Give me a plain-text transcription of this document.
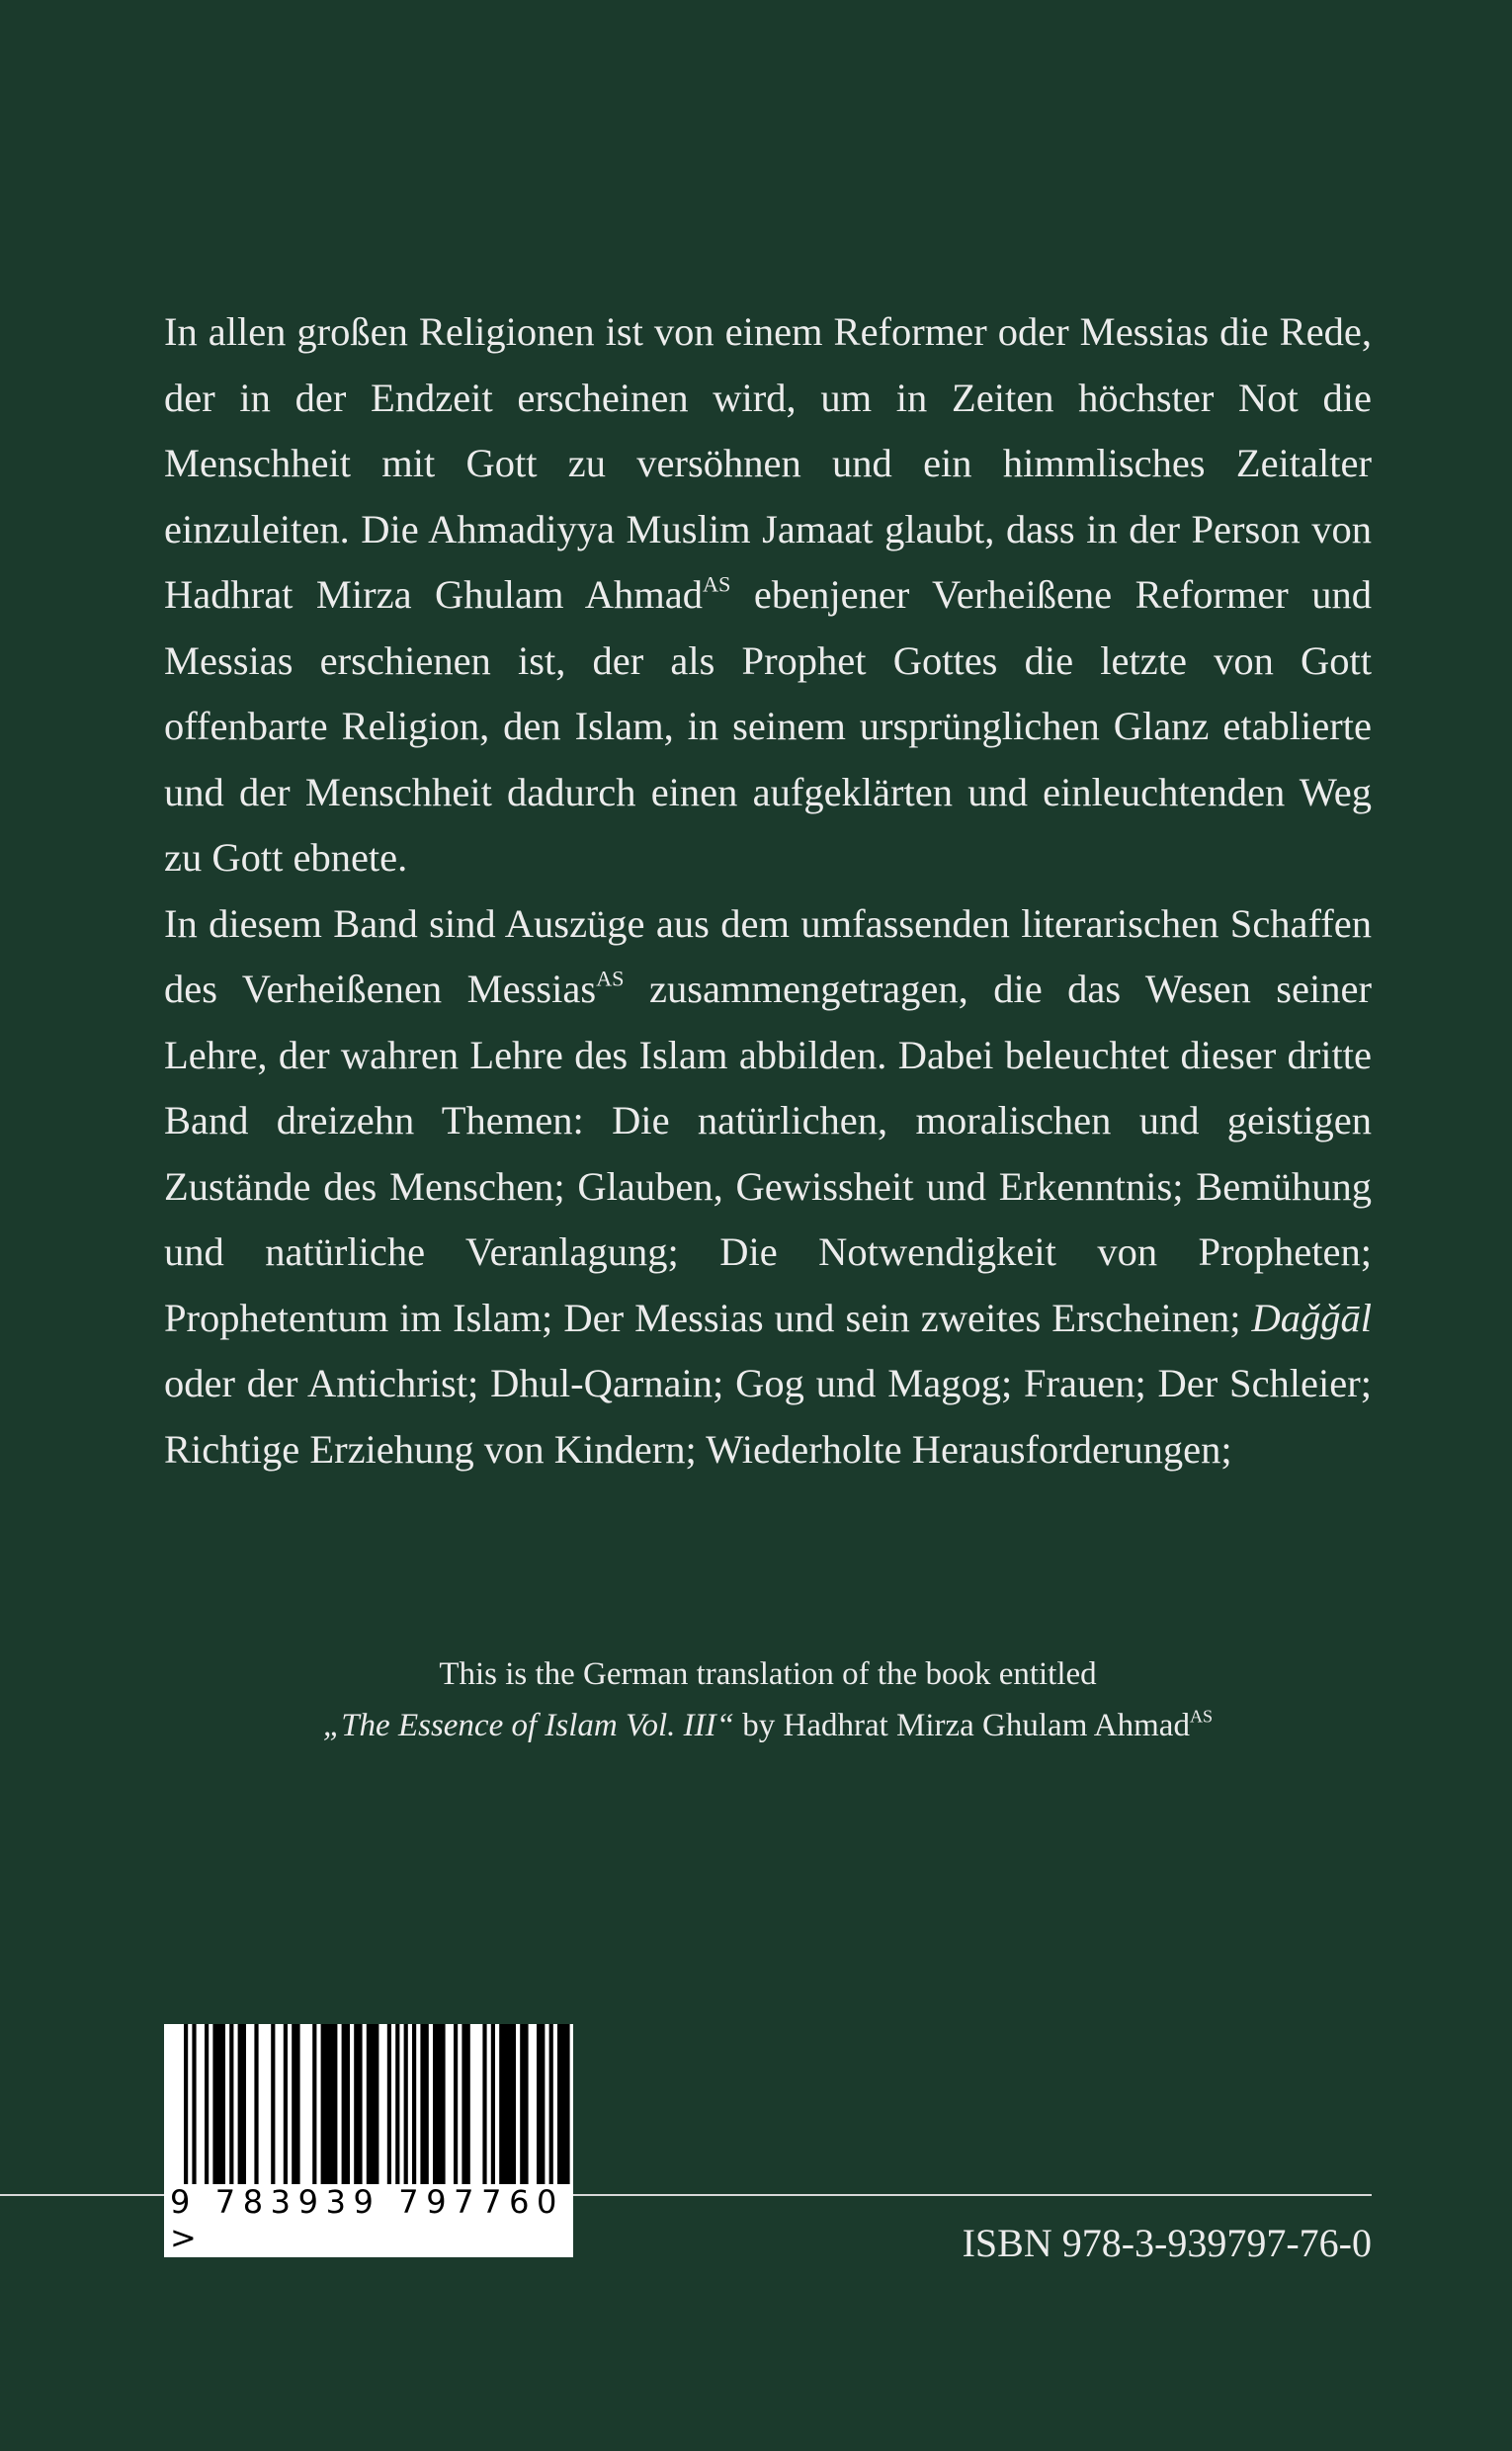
In allen großen Religionen ist von einem Reformer oder Messias die Rede, der in der Endzeit erscheinen wird, um in Zeiten höchster Not die Menschheit mit Gott zu versöhnen und ein himmlisches Zeitalter einzuleiten. Die Ahmadiyya Muslim Jamaat glaubt, dass in der Person von Hadhrat Mirza Ghulam Ahmad$^{AS}$ ebenjener Verheißene Reformer und Messias erschienen ist, der als Prophet Gottes die letzte von Gott offenbarte Religion, den Islam, in seinem ursprünglichen Glanz etablierte und der Menschheit dadurch einen aufgeklärten und einleuchtenden Weg zu Gott ebnete.

In diesem Band sind Auszüge aus dem umfassenden literarischen Schaffen des Verheißenen Messias$^{AS}$ zusammengetragen, die das Wesen seiner Lehre, der wahren Lehre des Islam abbilden. Dabei beleuchtet dieser dritte Band dreizehn Themen: Die natürlichen, moralischen und geistigen Zustände des Menschen; Glauben, Gewissheit und Erkenntnis; Bemühung und natürliche Veranlagung; Die Notwendigkeit von Propheten; Prophetentum im Islam; Der Messias und sein zweites Erscheinen; Daǧǧāl oder der Antichrist; Dhul-Qarnain; Gog und Magog; Frauen; Der Schleier; Richtige Erziehung von Kindern; Wiederholte Herausforderungen;

This is the German translation of the book entitled
„The Essence of Islam Vol. III“ by Hadhrat Mirza Ghulam Ahmad$^{AS}$
9 783939 797760 >	ISBN 978-3-939797-76-0
